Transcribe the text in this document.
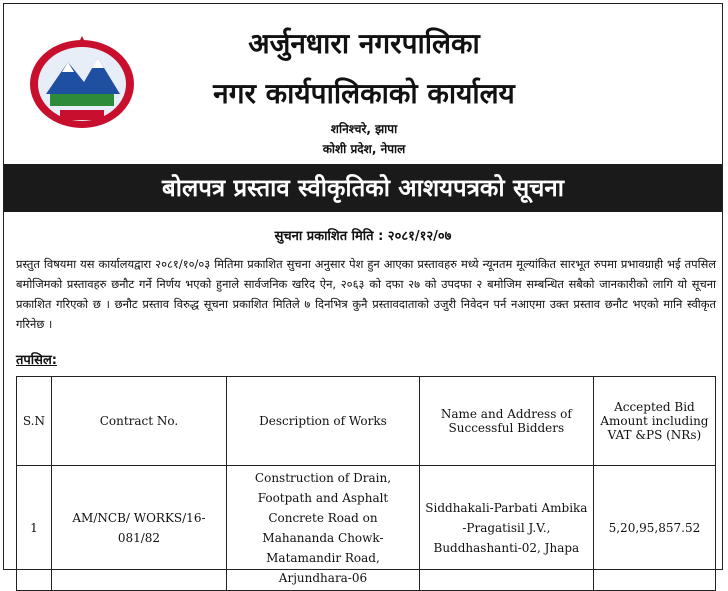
अर्जुनधारा नगरपालिका
नगर कार्यपालिकाको कार्यालय
शनिश्चरे, झापा
कोशी प्रदेश, नेपाल
बोलपत्र प्रस्ताव स्वीकृतिको आशयपत्रको सूचना
सुचना प्रकाशित मिति : २०८१/१२/०७
प्रस्तुत विषयमा यस कार्यालयद्वारा २०८१/१०/०३ मितिमा प्रकाशित सुचना अनुसार पेश हुन आएका प्रस्तावहरु मध्ये न्यूनतम मूल्यांकित सारभूत रुपमा प्रभावग्राही भई तपसिल बमोजिमको प्रस्तावहरु छनौट गर्ने निर्णय भएको हुनाले सार्वजनिक खरिद ऐन, २०६३ को दफा २७ को उपदफा २ बमोजिम सम्बन्धित सबैको जानकारीको लागि यो सूचना प्रकाशित गरिएको छ । छनौट प्रस्ताव विरुद्ध सूचना प्रकाशित मितिले ७ दिनभित्र कुनै प्रस्तावदाताको उजुरी निवेदन पर्न नआएमा उक्त प्रस्ताव छनौट भएको मानि स्वीकृत गरिनेछ ।
तपसिल:
S.N	Contract No.	Description of Works	Name and Address of Successful Bidders	Accepted Bid Amount including VAT &PS (NRs)
1	AM/NCB/ WORKS/16-081/82	Construction of Drain, Footpath and Asphalt Concrete Road on Mahananda Chowk-Matamandir Road, Arjundhara-06	Siddhakali-Parbati Ambika -Pragatisil J.V., Buddhashanti-02, Jhapa	5,20,95,857.52
